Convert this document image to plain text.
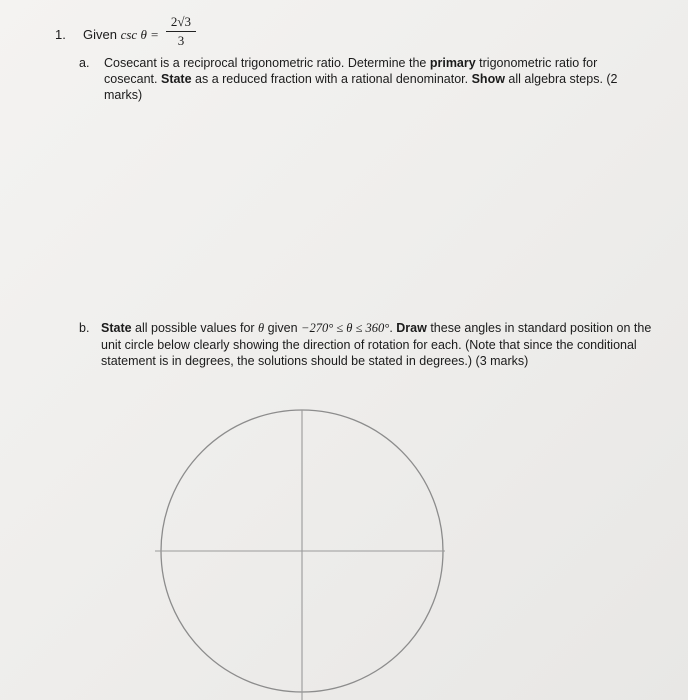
1. Given $\csc \theta = \frac{2√3}{3}$
a. Cosecant is a reciprocal trigonometric ratio. Determine the primary trigonometric ratio for cosecant. State as a reduced fraction with a rational denominator. Show all algebra steps. (2 marks)
b. State all possible values for θ given −270° ≤ θ ≤ 360°. Draw these angles in standard position on the unit circle below clearly showing the direction of rotation for each. (Note that since the conditional statement is in degrees, the solutions should be stated in degrees.) (3 marks)
